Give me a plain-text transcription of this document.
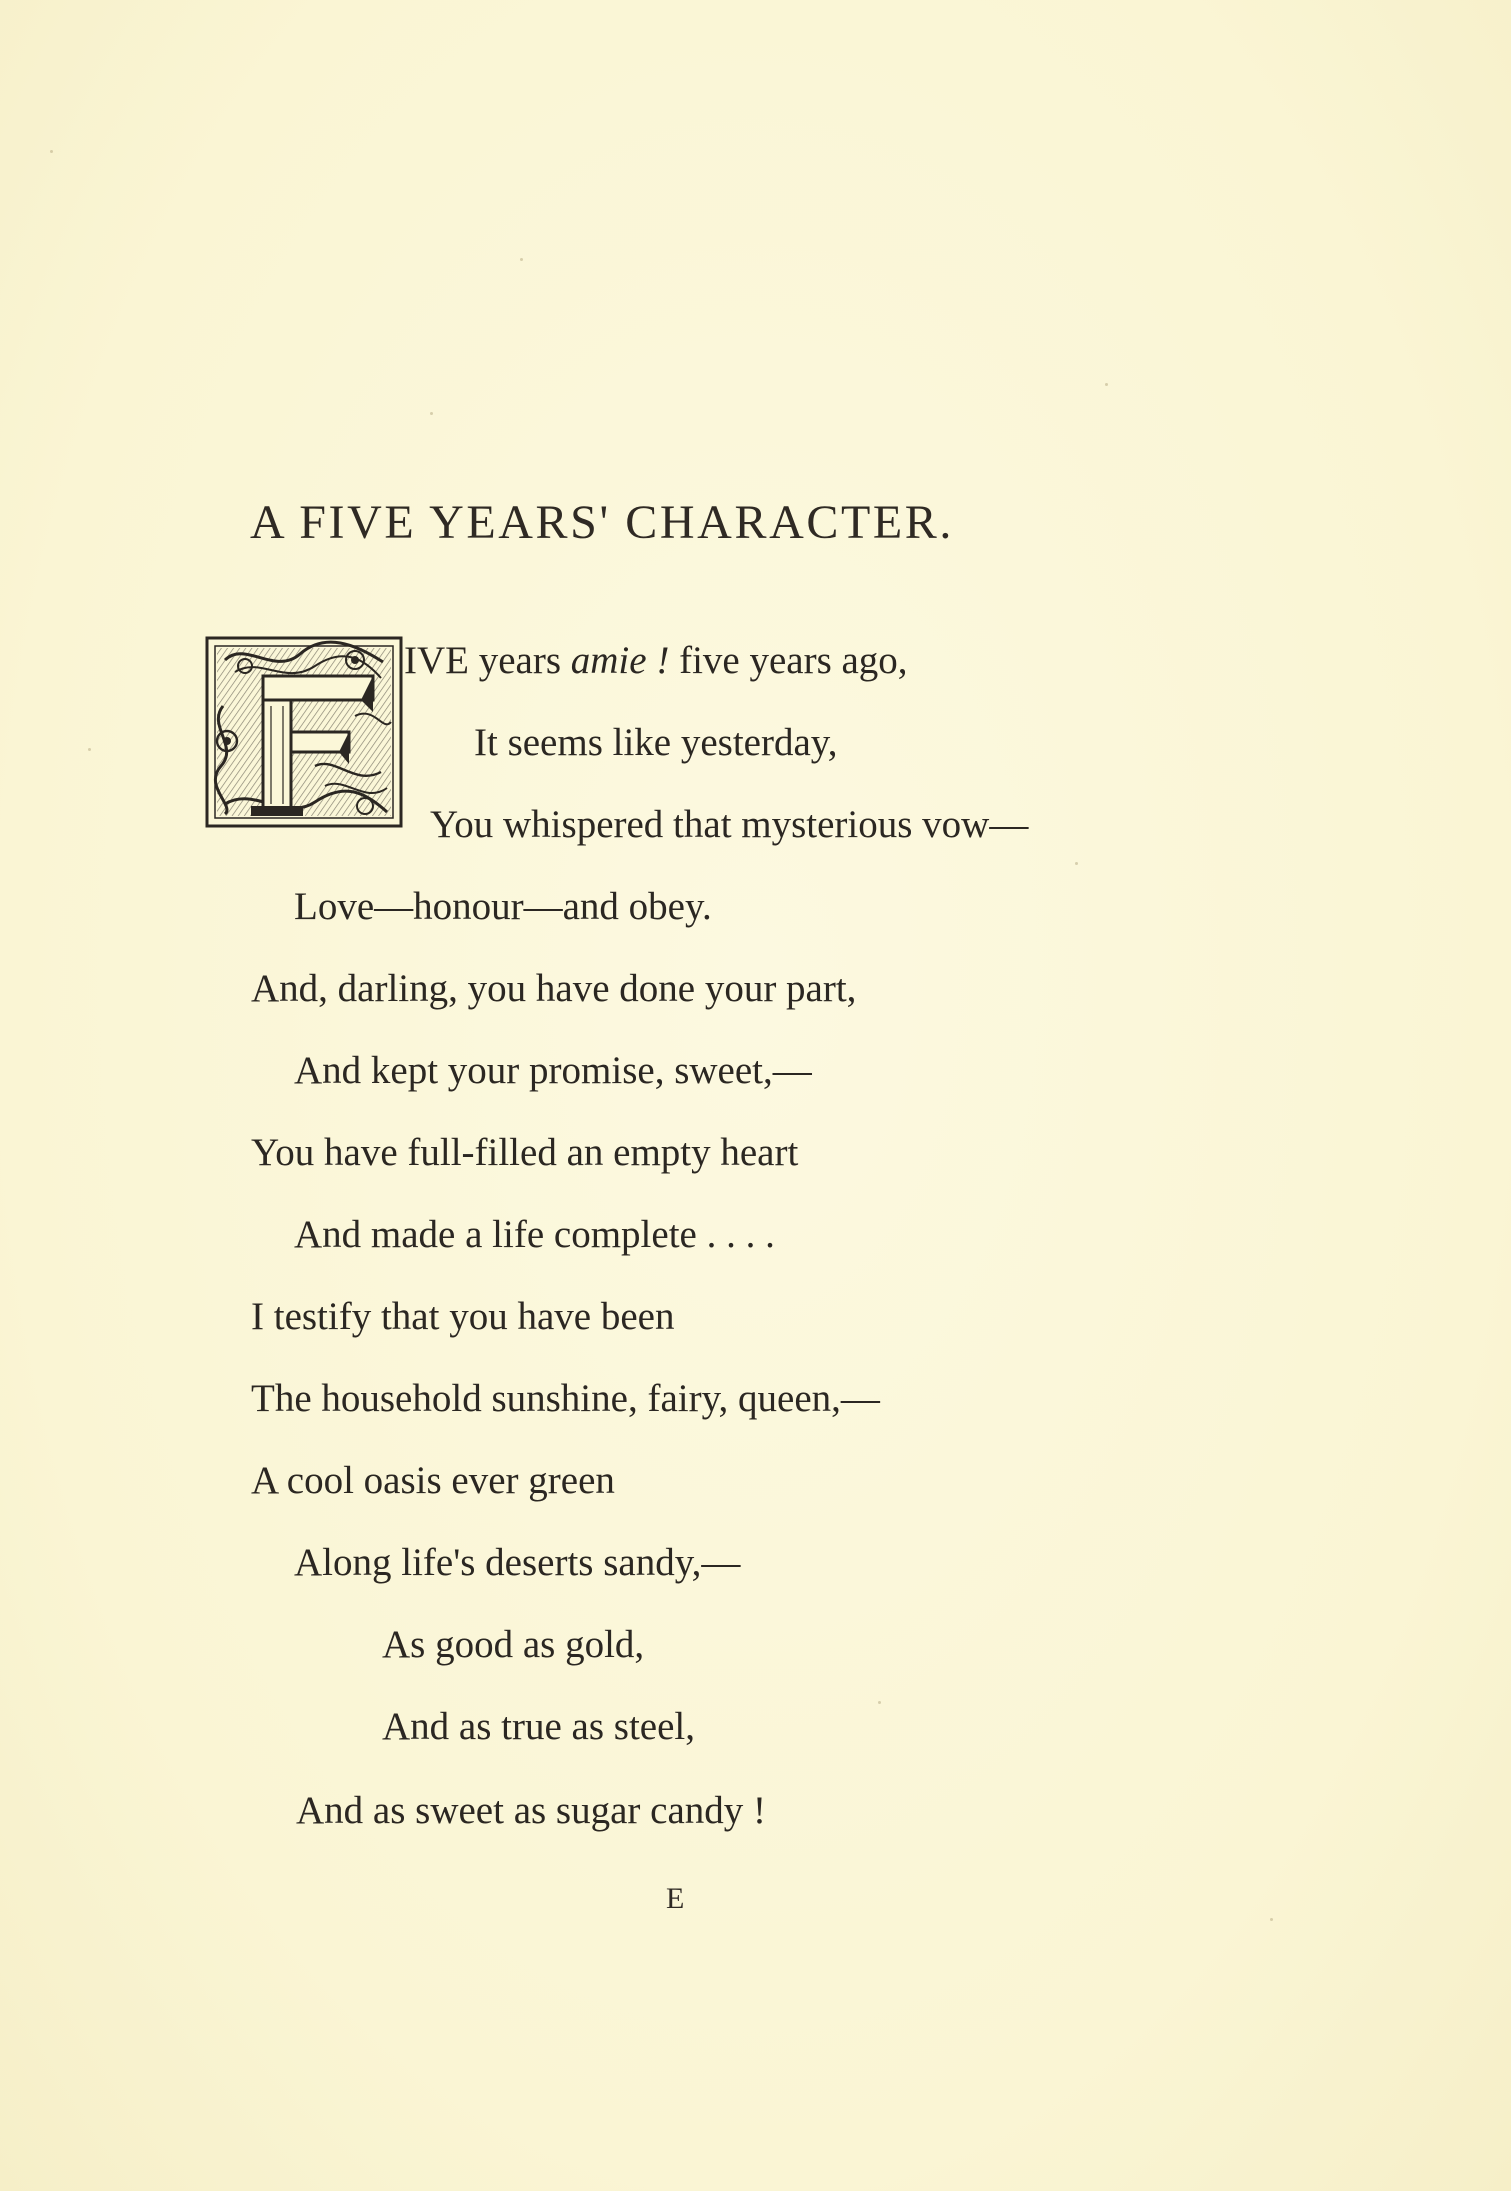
A FIVE YEARS' CHARACTER.
IVE years amie ! five years ago,
It seems like yesterday,
You whispered that mysterious vow—
Love—honour—and obey.
And, darling, you have done your part,
And kept your promise, sweet,—
You have full-filled an empty heart
And made a life complete . . . .
I testify that you have been
The household sunshine, fairy, queen,—
A cool oasis ever green
Along life's deserts sandy,—
As good as gold,
And as true as steel,
And as sweet as sugar candy !
E
